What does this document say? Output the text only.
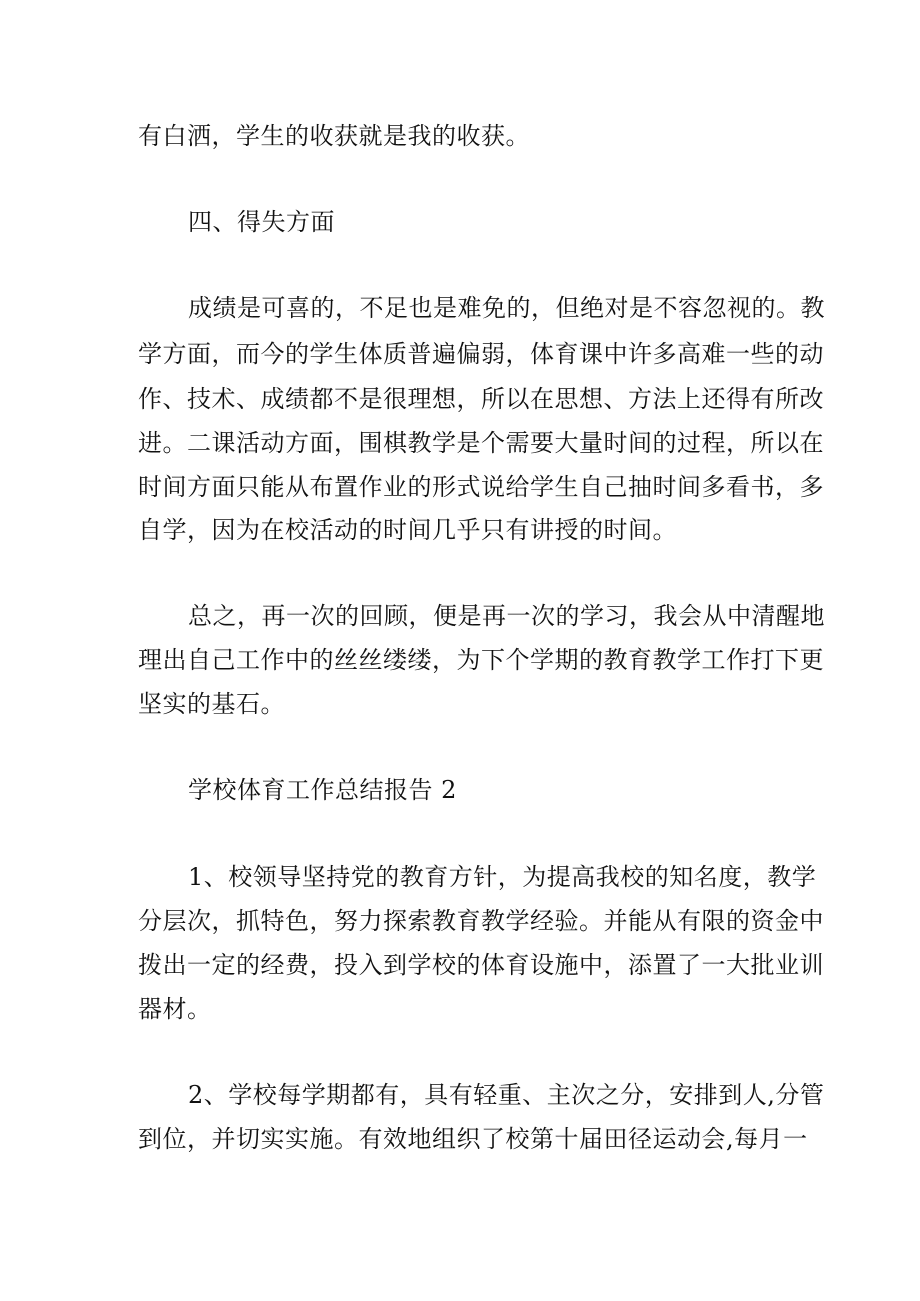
有白洒，学生的收获就是我的收获。
四、得失方面
成绩是可喜的，不足也是难免的，但绝对是不容忽视的。教
学方面，而今的学生体质普遍偏弱，体育课中许多高难一些的动
作、技术、成绩都不是很理想，所以在思想、方法上还得有所改
进。二课活动方面，围棋教学是个需要大量时间的过程，所以在
时间方面只能从布置作业的形式说给学生自己抽时间多看书，多
自学，因为在校活动的时间几乎只有讲授的时间。
总之，再一次的回顾，便是再一次的学习，我会从中清醒地
理出自己工作中的丝丝缕缕，为下个学期的教育教学工作打下更
坚实的基石。
学校体育工作总结报告 2
1、校领导坚持党的教育方针，为提高我校的知名度，教学
分层次，抓特色，努力探索教育教学经验。并能从有限的资金中
拨出一定的经费，投入到学校的体育设施中，添置了一大批业训
器材。
2、学校每学期都有，具有轻重、主次之分，安排到人,分管
到位，并切实实施。有效地组织了校第十届田径运动会,每月一
